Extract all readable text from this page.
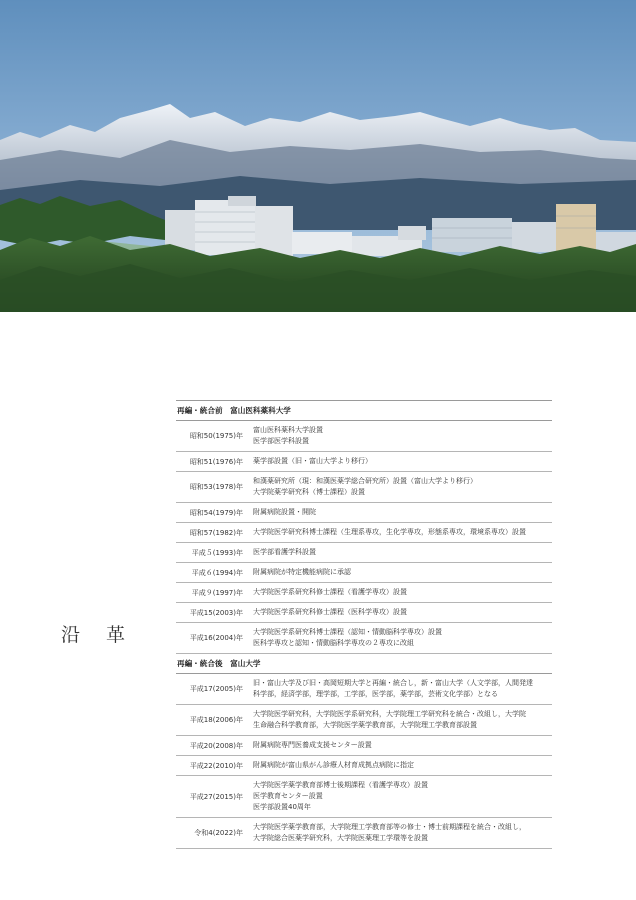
沿 革
再編・統合前　富山医科薬科大学
昭和50(1975)年
富山医科薬科大学設置
医学部医学科設置
昭和51(1976)年 薬学部設置（旧・富山大学より移行）
昭和53(1978)年
和漢薬研究所（現：和漢医薬学総合研究所）設置（富山大学より移行）
大学院薬学研究科（博士課程）設置
昭和54(1979)年 附属病院設置・開院
昭和57(1982)年 大学院医学研究科博士課程（生理系専攻，生化学専攻，形態系専攻，環境系専攻）設置
平成５(1993)年 医学部看護学科設置
平成６(1994)年 附属病院が特定機能病院に承認
平成９(1997)年 大学院医学系研究科修士課程（看護学専攻）設置
平成15(2003)年 大学院医学系研究科修士課程（医科学専攻）設置
平成16(2004)年
大学院医学系研究科博士課程（認知・情動脳科学専攻）設置
医科学専攻と認知・情動脳科学専攻の２専攻に改組
再編・統合後　富山大学
平成17(2005)年
旧・富山大学及び旧・高岡短期大学と再編・統合し，新・富山大学（人文学部，人間発達
科学部，経済学部，理学部，工学部，医学部，薬学部，芸術文化学部）となる
平成18(2006)年
大学院医学研究科，大学院医学系研究科，大学院理工学研究科を統合・改組し，大学院
生命融合科学教育部，大学院医学薬学教育部，大学院理工学教育部設置
平成20(2008)年 附属病院専門医養成支援センター設置
平成22(2010)年 附属病院が富山県がん診療人材育成拠点病院に指定
平成27(2015)年
大学院医学薬学教育部博士後期課程（看護学専攻）設置
医学教育センター設置
医学部設置40周年
令和4(2022)年
大学院医学薬学教育部，大学院理工学教育部等の修士・博士前期課程を統合・改組し，
大学院総合医薬学研究科，大学院医薬理工学環等を設置
